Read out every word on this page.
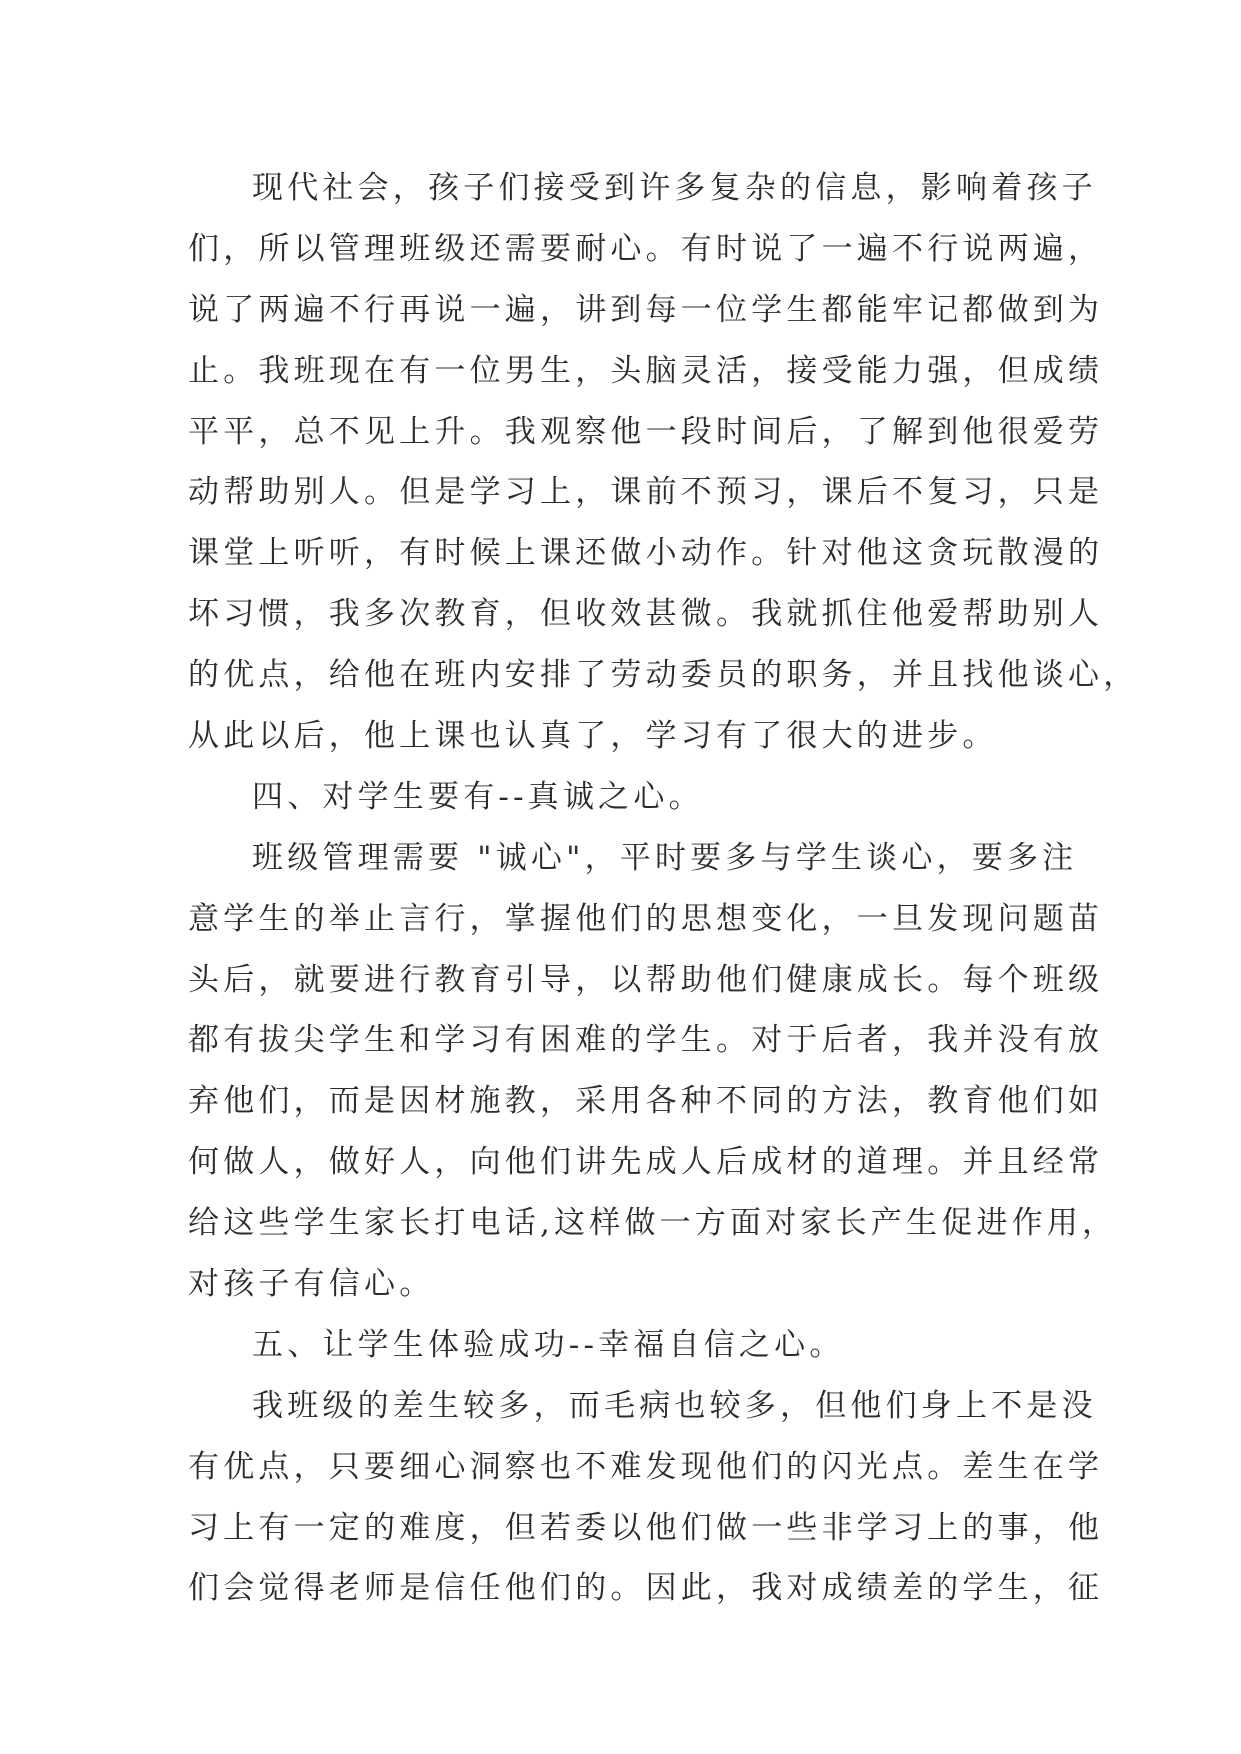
现代社会，孩子们接受到许多复杂的信息，影响着孩子
们，所以管理班级还需要耐心。有时说了一遍不行说两遍，
说了两遍不行再说一遍，讲到每一位学生都能牢记都做到为
止。我班现在有一位男生，头脑灵活，接受能力强，但成绩
平平，总不见上升。我观察他一段时间后，了解到他很爱劳
动帮助别人。但是学习上，课前不预习，课后不复习，只是
课堂上听听，有时候上课还做小动作。针对他这贪玩散漫的
坏习惯，我多次教育，但收效甚微。我就抓住他爱帮助别人
的优点，给他在班内安排了劳动委员的职务，并且找他谈心，
从此以后，他上课也认真了，学习有了很大的进步。
四、对学生要有--真诚之心。
班级管理需要 "诚心"，平时要多与学生谈心，要多注
意学生的举止言行，掌握他们的思想变化，一旦发现问题苗
头后，就要进行教育引导，以帮助他们健康成长。每个班级
都有拔尖学生和学习有困难的学生。对于后者，我并没有放
弃他们，而是因材施教，采用各种不同的方法，教育他们如
何做人，做好人，向他们讲先成人后成材的道理。并且经常
给这些学生家长打电话,这样做一方面对家长产生促进作用，
对孩子有信心。
五、让学生体验成功--幸福自信之心。
我班级的差生较多，而毛病也较多，但他们身上不是没
有优点，只要细心洞察也不难发现他们的闪光点。差生在学
习上有一定的难度，但若委以他们做一些非学习上的事，他
们会觉得老师是信任他们的。因此，我对成绩差的学生，征
